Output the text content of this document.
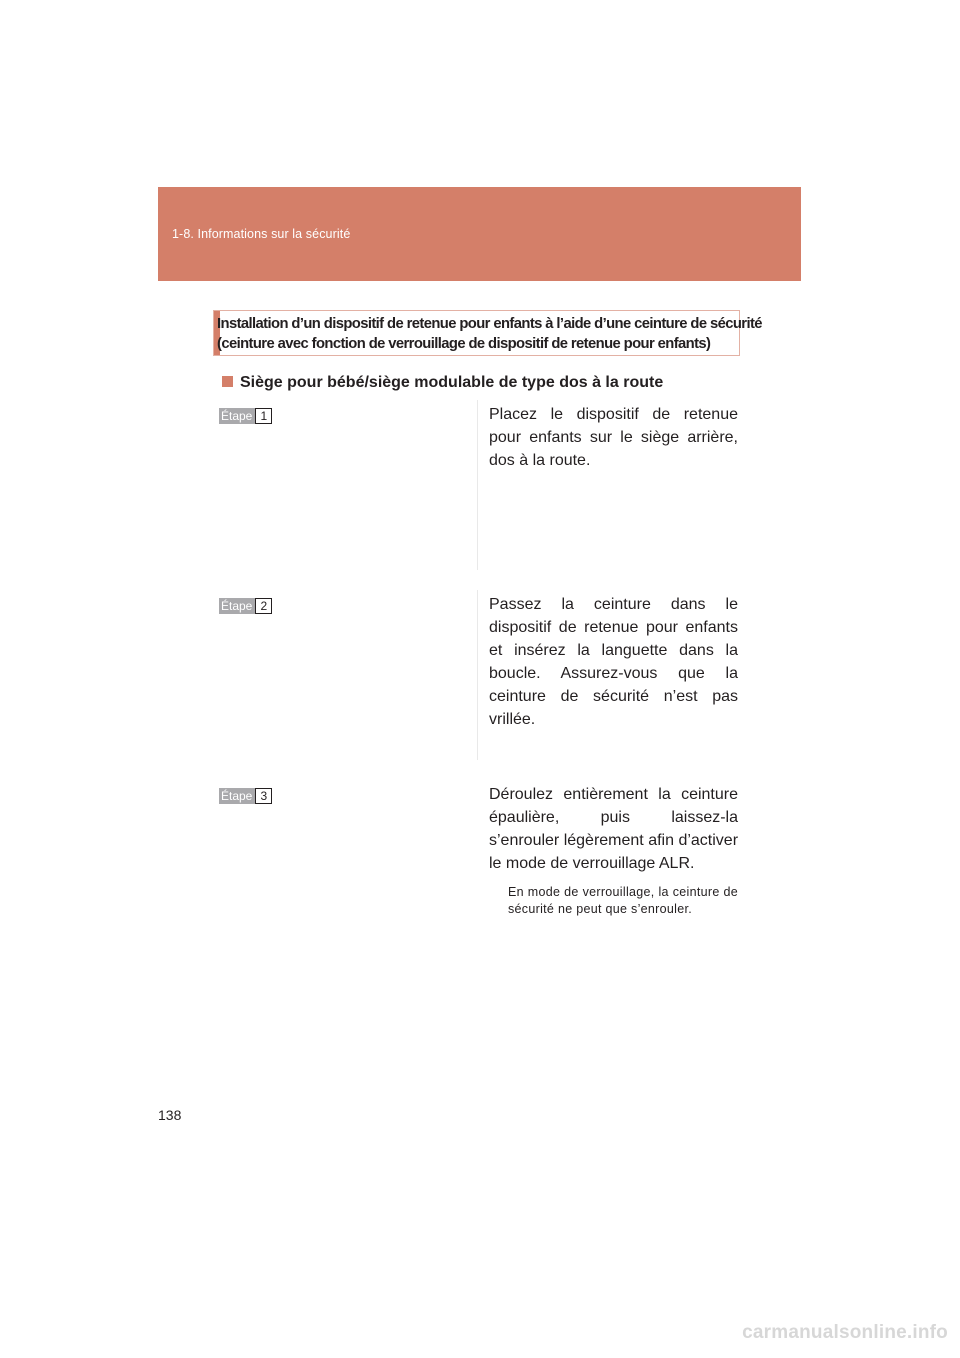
1-8. Informations sur la sécurité
Installation d’un dispositif de retenue pour enfants à l’aide d’une ceinture de sécurité
(ceinture avec fonction de verrouillage de dispositif de retenue pour enfants)
Siège pour bébé/siège modulable de type dos à la route
Étape 1	Placez le dispositif de retenue pour enfants sur le siège arrière, dos à la route.
Étape 2	Passez la ceinture dans le dispositif de retenue pour enfants et insérez la languette dans la boucle. Assurez-vous que la ceinture de sécurité n’est pas vrillée.
Étape 3	Déroulez entièrement la ceinture épaulière, puis laissez-la s’enrouler légèrement afin d’activer le mode de verrouillage ALR.
En mode de verrouillage, la ceinture de sécurité ne peut que s’enrouler.
138
carmanualsonline.info
